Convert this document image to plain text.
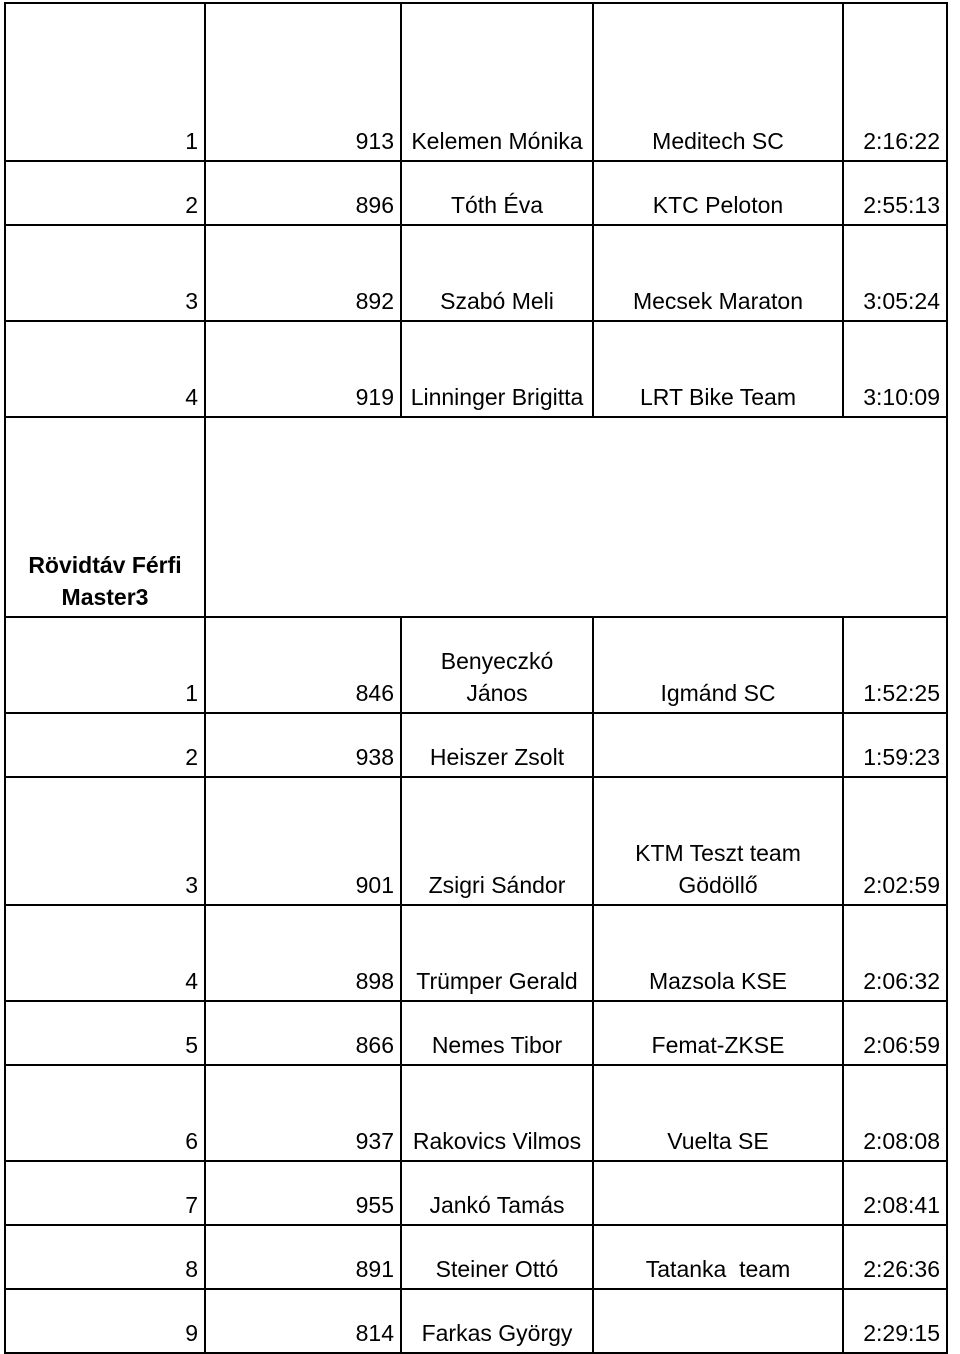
1	913	Kelemen Mónika	Meditech SC	2:16:22
2	896	Tóth Éva	KTC Peloton	2:55:13
3	892	Szabó Meli	Mecsek Maraton	3:05:24
4	919	Linninger Brigitta	LRT Bike Team	3:10:09
Rövidtáv Férfi Master3				
1	846	Benyeczkó János	Igmánd SC	1:52:25
2	938	Heiszer Zsolt		1:59:23
3	901	Zsigri Sándor	KTM Teszt team Gödöllő	2:02:59
4	898	Trümper Gerald	Mazsola KSE	2:06:32
5	866	Nemes Tibor	Femat-ZKSE	2:06:59
6	937	Rakovics Vilmos	Vuelta SE	2:08:08
7	955	Jankó Tamás		2:08:41
8	891	Steiner Ottó	Tatanka  team	2:26:36
9	814	Farkas György		2:29:15
